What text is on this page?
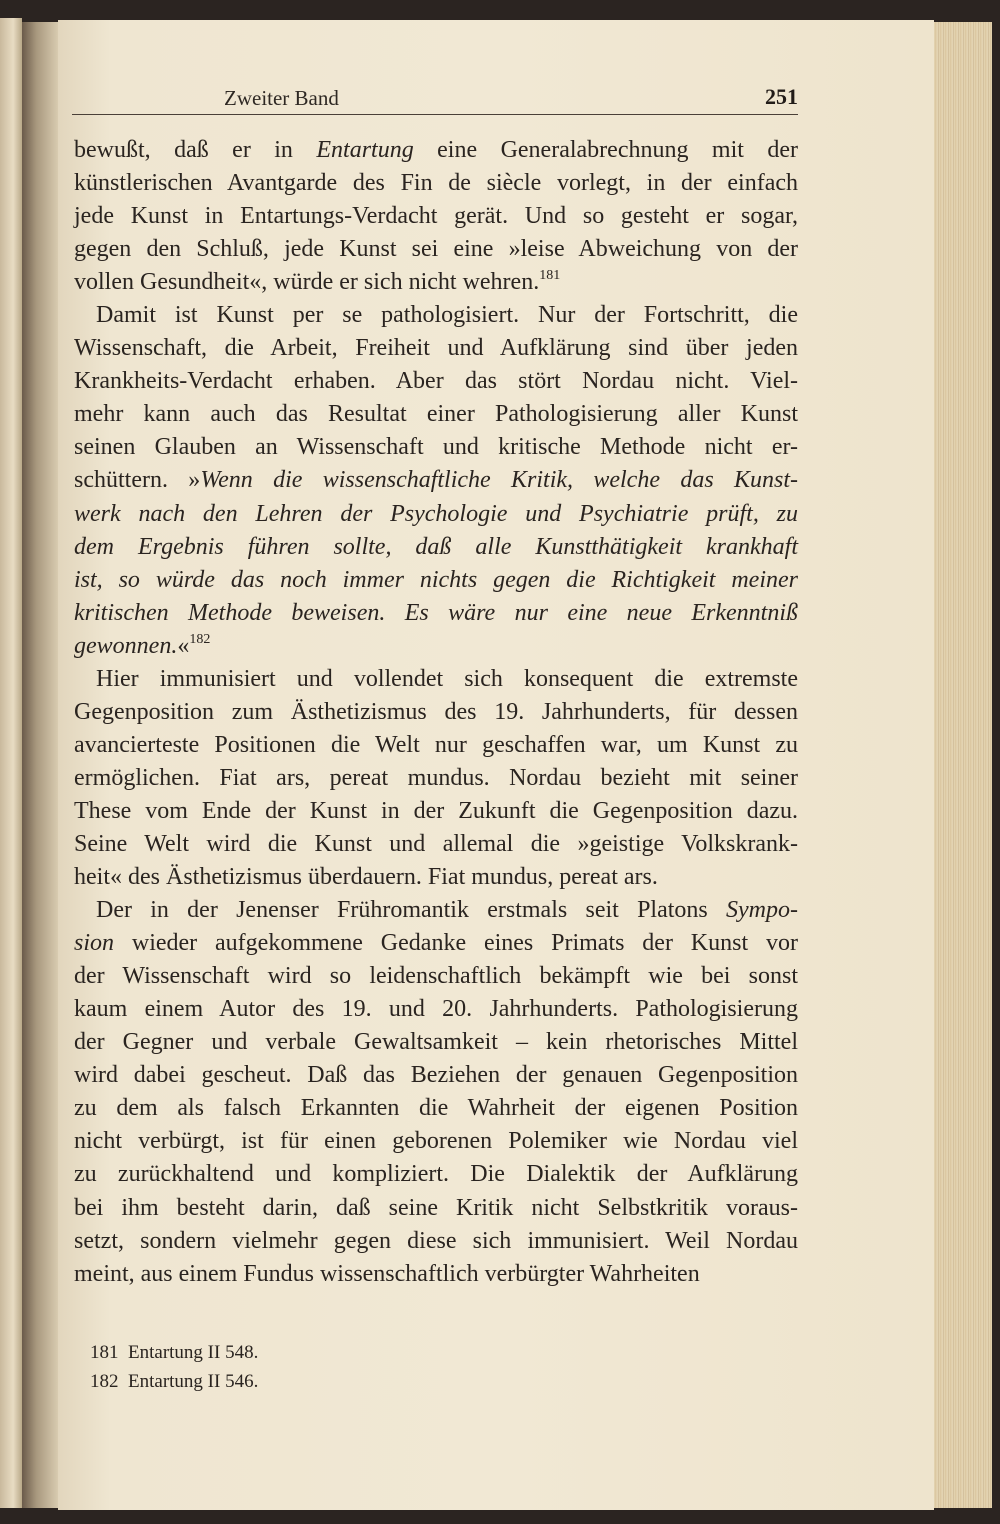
Zweiter Band	251
bewußt, daß er in Entartung eine Generalabrechnung mit der
künstlerischen Avantgarde des Fin de siècle vorlegt, in der einfach
jede Kunst in Entartungs-Verdacht gerät. Und so gesteht er sogar,
gegen den Schluß, jede Kunst sei eine »leise Abweichung von der
vollen Gesundheit«, würde er sich nicht wehren.$^{181}$
Damit ist Kunst per se pathologisiert. Nur der Fortschritt, die
Wissenschaft, die Arbeit, Freiheit und Aufklärung sind über jeden
Krankheits-Verdacht erhaben. Aber das stört Nordau nicht. Viel-
mehr kann auch das Resultat einer Pathologisierung aller Kunst
seinen Glauben an Wissenschaft und kritische Methode nicht er-
schüttern. »Wenn die wissenschaftliche Kritik, welche das Kunst-
werk nach den Lehren der Psychologie und Psychiatrie prüft, zu
dem Ergebnis führen sollte, daß alle Kunstthätigkeit krankhaft
ist, so würde das noch immer nichts gegen die Richtigkeit meiner
kritischen Methode beweisen. Es wäre nur eine neue Erkenntniß
gewonnen.«$^{182}$
Hier immunisiert und vollendet sich konsequent die extremste
Gegenposition zum Ästhetizismus des 19. Jahrhunderts, für dessen
avancierteste Positionen die Welt nur geschaffen war, um Kunst zu
ermöglichen. Fiat ars, pereat mundus. Nordau bezieht mit seiner
These vom Ende der Kunst in der Zukunft die Gegenposition dazu.
Seine Welt wird die Kunst und allemal die »geistige Volkskrank-
heit« des Ästhetizismus überdauern. Fiat mundus, pereat ars.
Der in der Jenenser Frühromantik erstmals seit Platons Sympo-
sion wieder aufgekommene Gedanke eines Primats der Kunst vor
der Wissenschaft wird so leidenschaftlich bekämpft wie bei sonst
kaum einem Autor des 19. und 20. Jahrhunderts. Pathologisierung
der Gegner und verbale Gewaltsamkeit – kein rhetorisches Mittel
wird dabei gescheut. Daß das Beziehen der genauen Gegenposition
zu dem als falsch Erkannten die Wahrheit der eigenen Position
nicht verbürgt, ist für einen geborenen Polemiker wie Nordau viel
zu zurückhaltend und kompliziert. Die Dialektik der Aufklärung
bei ihm besteht darin, daß seine Kritik nicht Selbstkritik voraus-
setzt, sondern vielmehr gegen diese sich immunisiert. Weil Nordau
meint, aus einem Fundus wissenschaftlich verbürgter Wahrheiten
181 Entartung II 548.
182 Entartung II 546.
